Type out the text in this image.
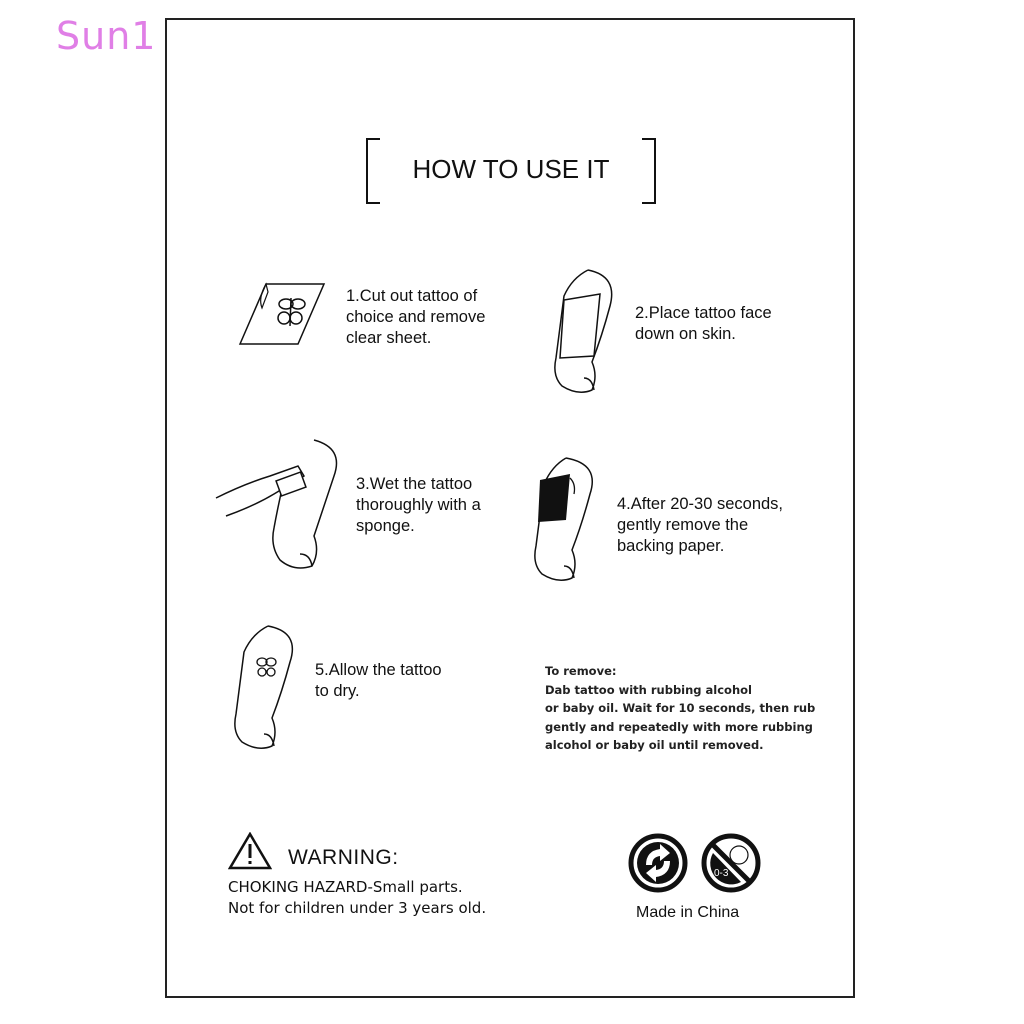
Sun1
HOW TO USE IT
1.Cut out tattoo of
choice and remove
clear sheet.
2.Place tattoo face
down on skin.
3.Wet the tattoo
thoroughly with a
sponge.
4.After 20-30 seconds,
gently remove the
backing paper.
5.Allow the tattoo
to dry.
To remove:
Dab tattoo with rubbing alcohol
or baby oil. Wait for 10 seconds, then rub
gently and repeatedly with more rubbing
alcohol or baby oil until removed.
WARNING:
CHOKING HAZARD-Small parts.
Not for children under 3 years old.
0-3
Made in China
